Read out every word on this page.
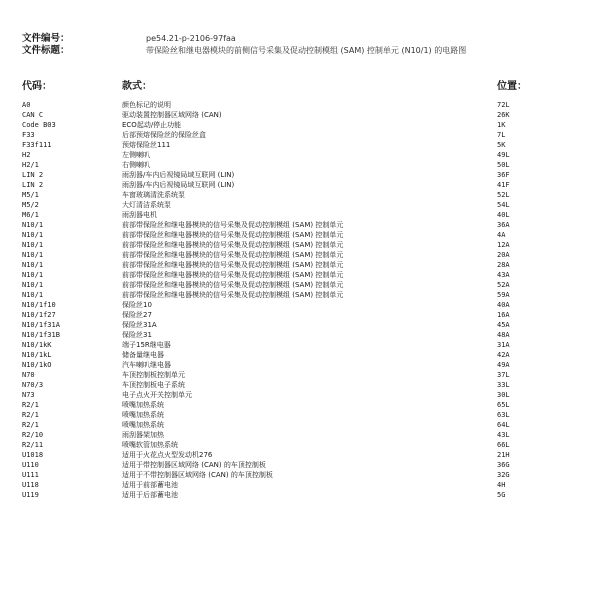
文件编号：	pe54.21-p-2106-97faa
文件标题：	带保险丝和继电器模块的前侧信号采集及促动控制模组 (SAM) 控制单元 (N10/1) 的电路图
代码：	款式：	位置：
A0	颜色标记的说明	72L
CAN C	驱动装置控制器区域网络 (CAN)	26K
Code B03	ECO起动/停止功能	1K
F33	后部预熔保险丝的保险丝盒	7L
F33f111	预熔保险丝111	5K
H2	左侧喇叭	49L
H2/1	右侧喇叭	50L
LIN 2	雨刮器/车内后视镜局域互联网 (LIN)	36F
LIN 2	雨刮器/车内后视镜局域互联网 (LIN)	41F
M5/1	车窗玻璃清洗系统泵	52L
M5/2	大灯清洁系统泵	54L
M6/1	雨刮器电机	40L
N10/1	前部带保险丝和继电器模块的信号采集及促动控制模组 (SAM) 控制单元	36A
N10/1	前部带保险丝和继电器模块的信号采集及促动控制模组 (SAM) 控制单元	4A
N10/1	前部带保险丝和继电器模块的信号采集及促动控制模组 (SAM) 控制单元	12A
N10/1	前部带保险丝和继电器模块的信号采集及促动控制模组 (SAM) 控制单元	20A
N10/1	前部带保险丝和继电器模块的信号采集及促动控制模组 (SAM) 控制单元	28A
N10/1	前部带保险丝和继电器模块的信号采集及促动控制模组 (SAM) 控制单元	43A
N10/1	前部带保险丝和继电器模块的信号采集及促动控制模组 (SAM) 控制单元	52A
N10/1	前部带保险丝和继电器模块的信号采集及促动控制模组 (SAM) 控制单元	59A
N10/1f10	保险丝10	40A
N10/1f27	保险丝27	16A
N10/1f31A	保险丝31A	45A
N10/1f31B	保险丝31	48A
N10/1kK	端子15R继电器	31A
N10/1kL	储备量继电器	42A
N10/1kO	汽车喇叭继电器	49A
N70	车顶控制板控制单元	37L
N70/3	车顶控制板电子系统	33L
N73	电子点火开关控制单元	30L
R2/1	喷嘴加热系统	65L
R2/1	喷嘴加热系统	63L
R2/1	喷嘴加热系统	64L
R2/10	雨刮器架加热	43L
R2/11	喷嘴软管加热系统	66L
U1018	适用于火花点火型发动机276	21H
U110	适用于带控制器区域网络 (CAN) 的车顶控制板	36G
U111	适用于不带控制器区域网络 (CAN) 的车顶控制板	32G
U118	适用于前部蓄电池	4H
U119	适用于后部蓄电池	5G
